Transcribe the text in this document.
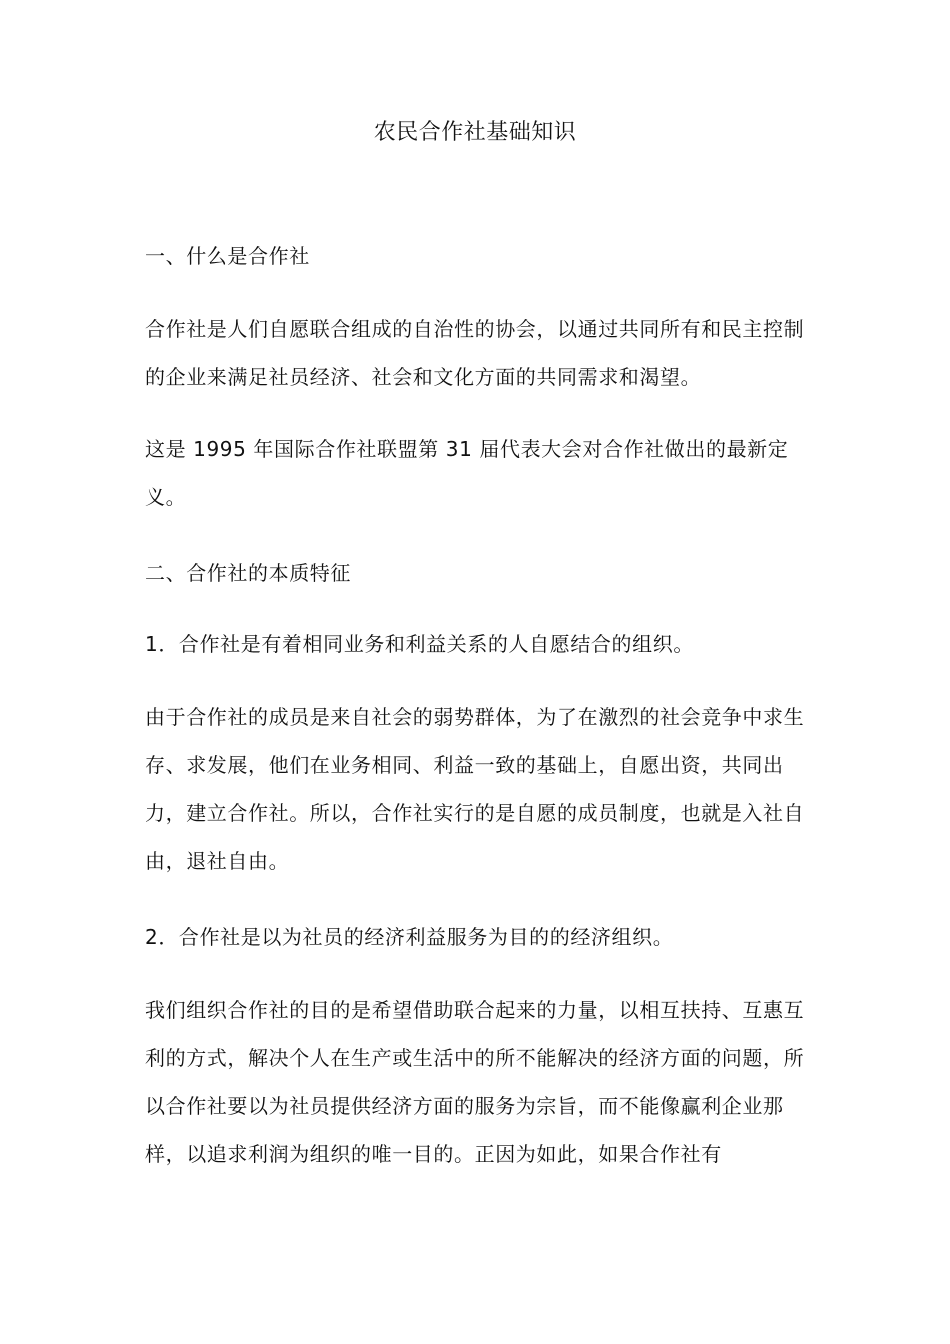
农民合作社基础知识

一、什么是合作社

合作社是人们自愿联合组成的自治性的协会，以通过共同所有和民主控制的企业来满足社员经济、社会和文化方面的共同需求和渴望。

这是 1995 年国际合作社联盟第 31 届代表大会对合作社做出的最新定义。

二、合作社的本质特征

1．合作社是有着相同业务和利益关系的人自愿结合的组织。

由于合作社的成员是来自社会的弱势群体，为了在激烈的社会竞争中求生存、求发展，他们在业务相同、利益一致的基础上，自愿出资，共同出力，建立合作社。所以，合作社实行的是自愿的成员制度，也就是入社自由，退社自由。

2．合作社是以为社员的经济利益服务为目的的经济组织。

我们组织合作社的目的是希望借助联合起来的力量，以相互扶持、互惠互利的方式，解决个人在生产或生活中的所不能解决的经济方面的问题，所以合作社要以为社员提供经济方面的服务为宗旨，而不能像赢利企业那样，以追求利润为组织的唯一目的。正因为如此，如果合作社有
